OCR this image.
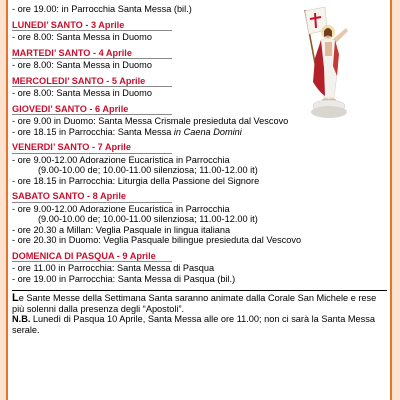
- ore 19.00: in Parrocchia Santa Messa (bil.)
LUNEDI’ SANTO - 3 Aprile
- ore 8.00: Santa Messa in Duomo
MARTEDI’ SANTO - 4 Aprile
- ore 8.00: Santa Messa in Duomo
MERCOLEDI’ SANTO - 5 Aprile
- ore 8.00: Santa Messa in Duomo
GIOVEDI’ SANTO - 6 Aprile
- ore 9.00 in Duomo: Santa Messa Crismale presieduta dal Vescovo
- ore 18.15 in Parrocchia: Santa Messa in Caena Domini
VENERDI’ SANTO - 7 Aprile
- ore 9.00-12.00 Adorazione Eucaristica in Parrocchia
(9.00-10.00 de; 10.00-11.00 silenziosa; 11.00-12.00 it)
- ore 18.15 in Parrocchia: Liturgia della Passione del Signore
SABATO SANTO - 8 Aprile
- ore 9.00-12.00 Adorazione Eucaristica in Parrocchia
(9.00-10.00 de; 10.00-11.00 silenziosa; 11.00-12.00 it)
- ore 20.30 a Millan: Veglia Pasquale in lingua italiana
- ore 20.30 in Duomo: Veglia Pasquale bilingue presieduta dal Vescovo
DOMENICA DI PASQUA - 9 Aprile
- ore 11.00 in Parrocchia: Santa Messa di Pasqua
- ore 19.00 in Parrocchia: Santa Messa di Pasqua (bil.)
Le Sante Messe della Settimana Santa saranno animate dalla Corale San Michele e rese più solenni dalla presenza degli “Apostoli”.
N.B. Lunedì di Pasqua 10 Aprile, Santa Messa alle ore 11.00; non ci sarà la Santa Messa serale.
